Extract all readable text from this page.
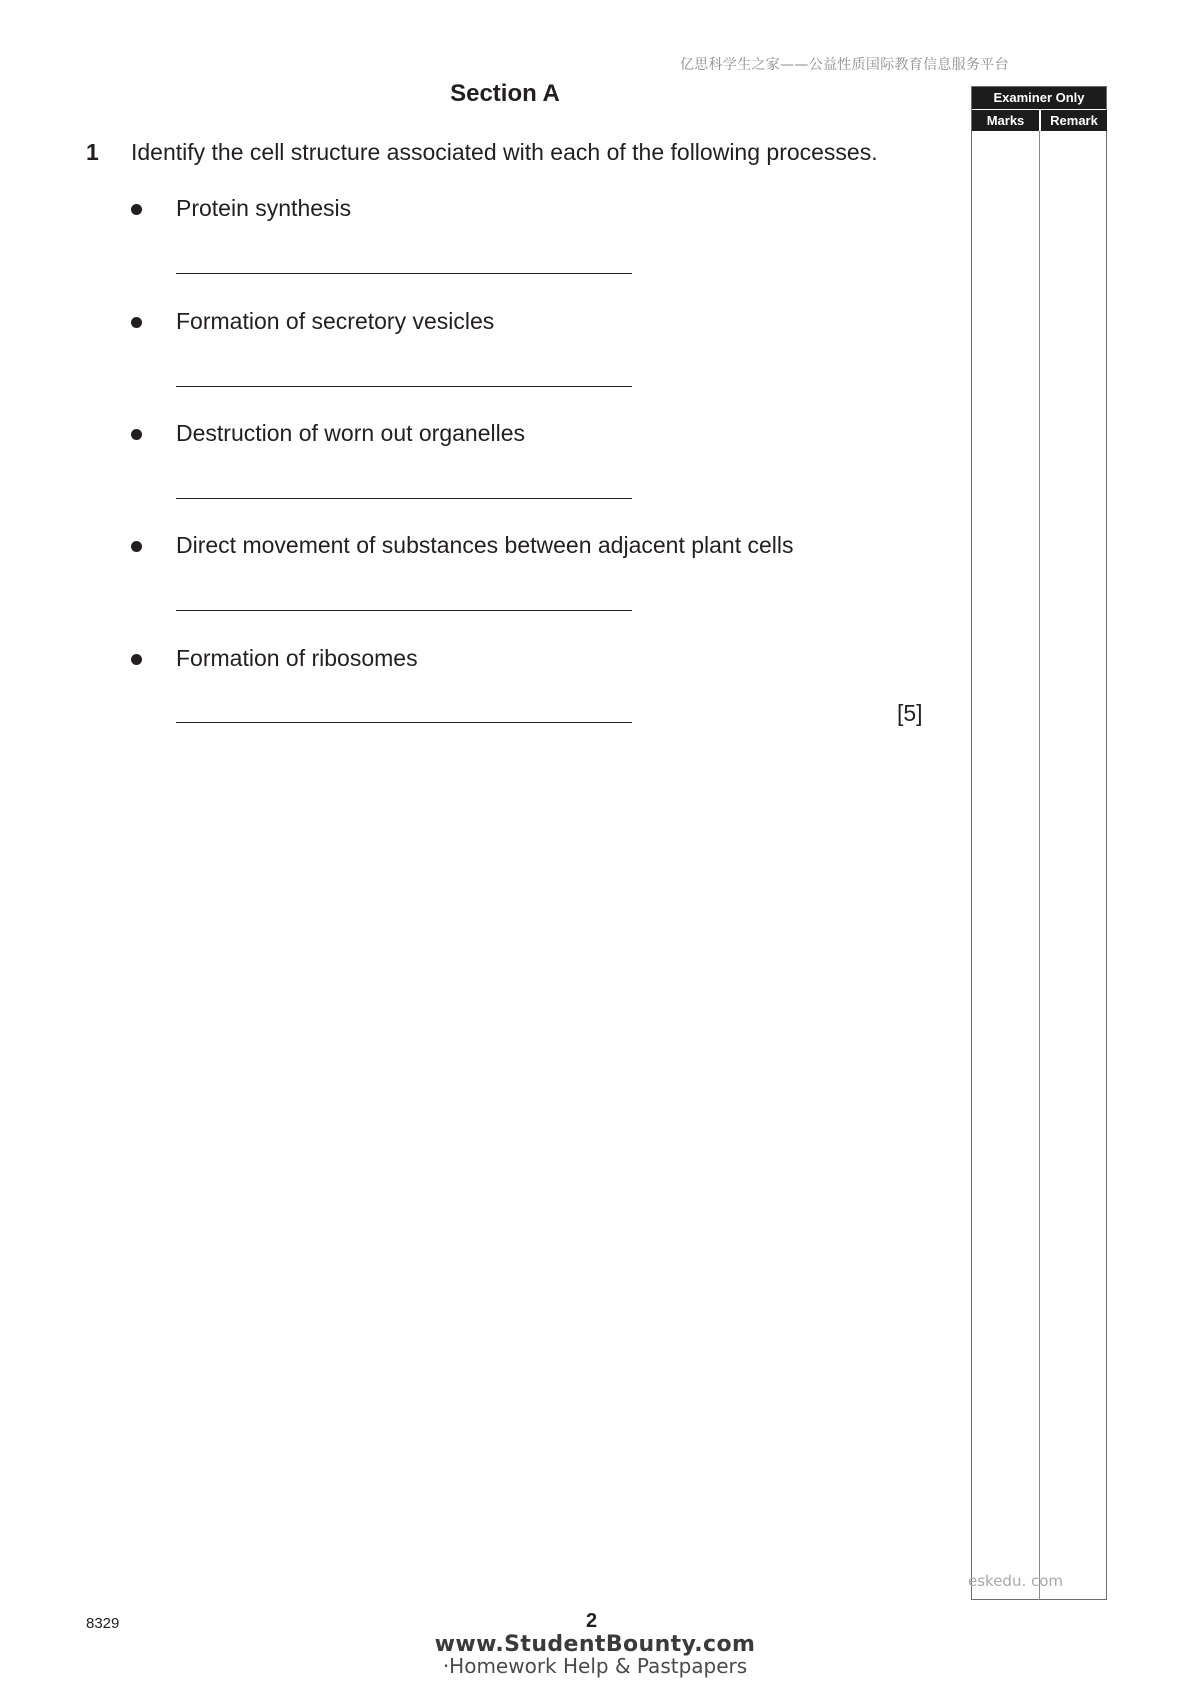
亿思科学生之家——公益性质国际教育信息服务平台
Section A	Examiner Only
Marks	Remark
1 Identify the cell structure associated with each of the following processes.
Protein synthesis
Formation of secretory vesicles
Destruction of worn out organelles
Direct movement of substances between adjacent plant cells
Formation of ribosomes
[5]
8329	2
eskedu. com
www.StudentBounty.com
·Homework Help & Pastpapers
